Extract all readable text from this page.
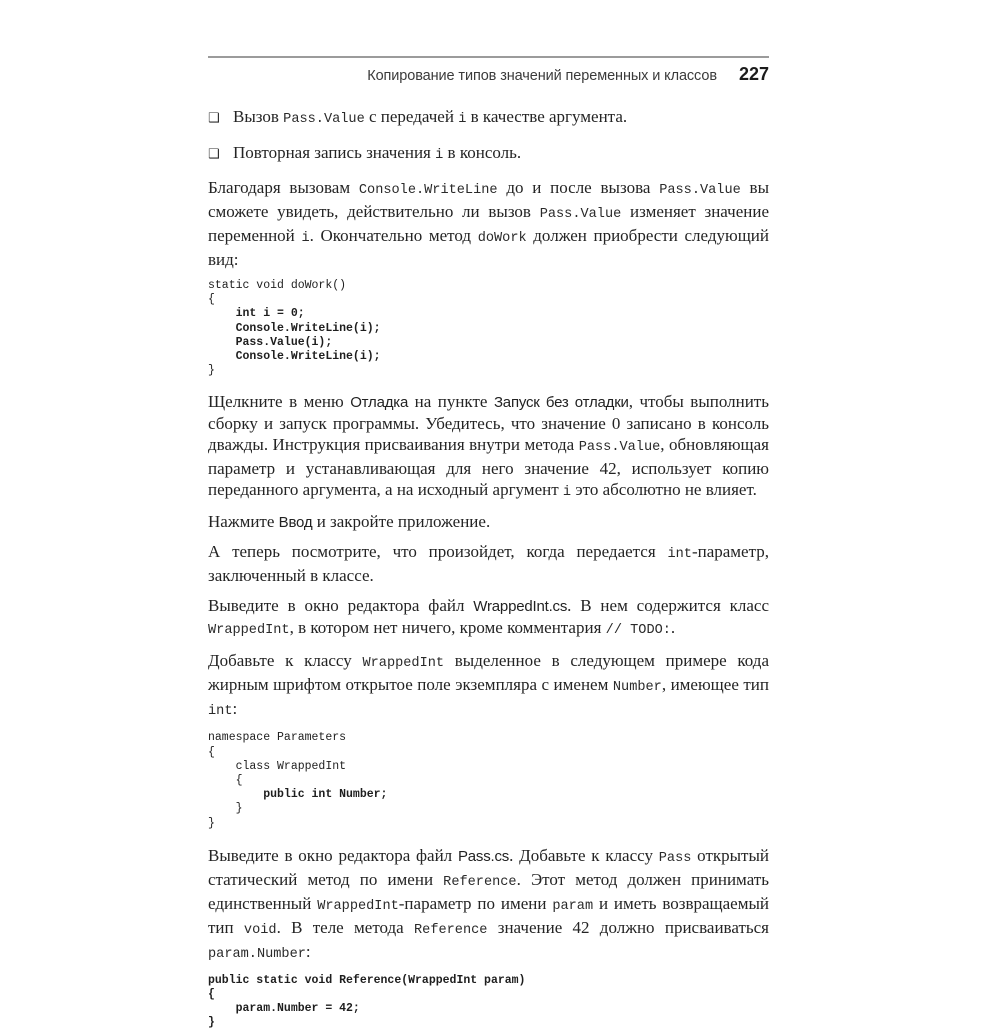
Копирование типов значений переменных и классов 227
❑ Вызов Pass.Value с передачей i в качестве аргумента.
❑ Повторная запись значения i в консоль.

Благодаря вызовам Console.WriteLine до и после вызова Pass.Value вы сможете увидеть, действительно ли вызов Pass.Value изменяет значение переменной i. Окончательно метод doWork должен приобрести следующий вид:

static void doWork()
{
int i = 0;
Console.WriteLine(i);
Pass.Value(i);
Console.WriteLine(i);
}

Щелкните в меню Отладка на пункте Запуск без отладки, чтобы выполнить сборку и запуск программы. Убедитесь, что значение 0 записано в консоль дважды. Инструкция присваивания внутри метода Pass.Value, обновляющая параметр и устанавливающая для него значение 42, использует копию переданного аргумента, а на исходный аргумент i это абсолютно не влияет.

Нажмите Ввод и закройте приложение.

А теперь посмотрите, что произойдет, когда передается int-параметр, заключенный в классе.

Выведите в окно редактора файл WrappedInt.cs. В нем содержится класс WrappedInt, в котором нет ничего, кроме комментария // TODO:.

Добавьте к классу WrappedInt выделенное в следующем примере кода жирным шрифтом открытое поле экземпляра с именем Number, имеющее тип int:

namespace Parameters
{
class WrappedInt
{
public int Number;
}
}

Выведите в окно редактора файл Pass.cs. Добавьте к классу Pass открытый статический метод по имени Reference. Этот метод должен принимать единственный WrappedInt-параметр по имени param и иметь возвращаемый тип void. В теле метода Reference значение 42 должно присваиваться param.Number:

public static void Reference(WrappedInt param)
{
param.Number = 42;
}
